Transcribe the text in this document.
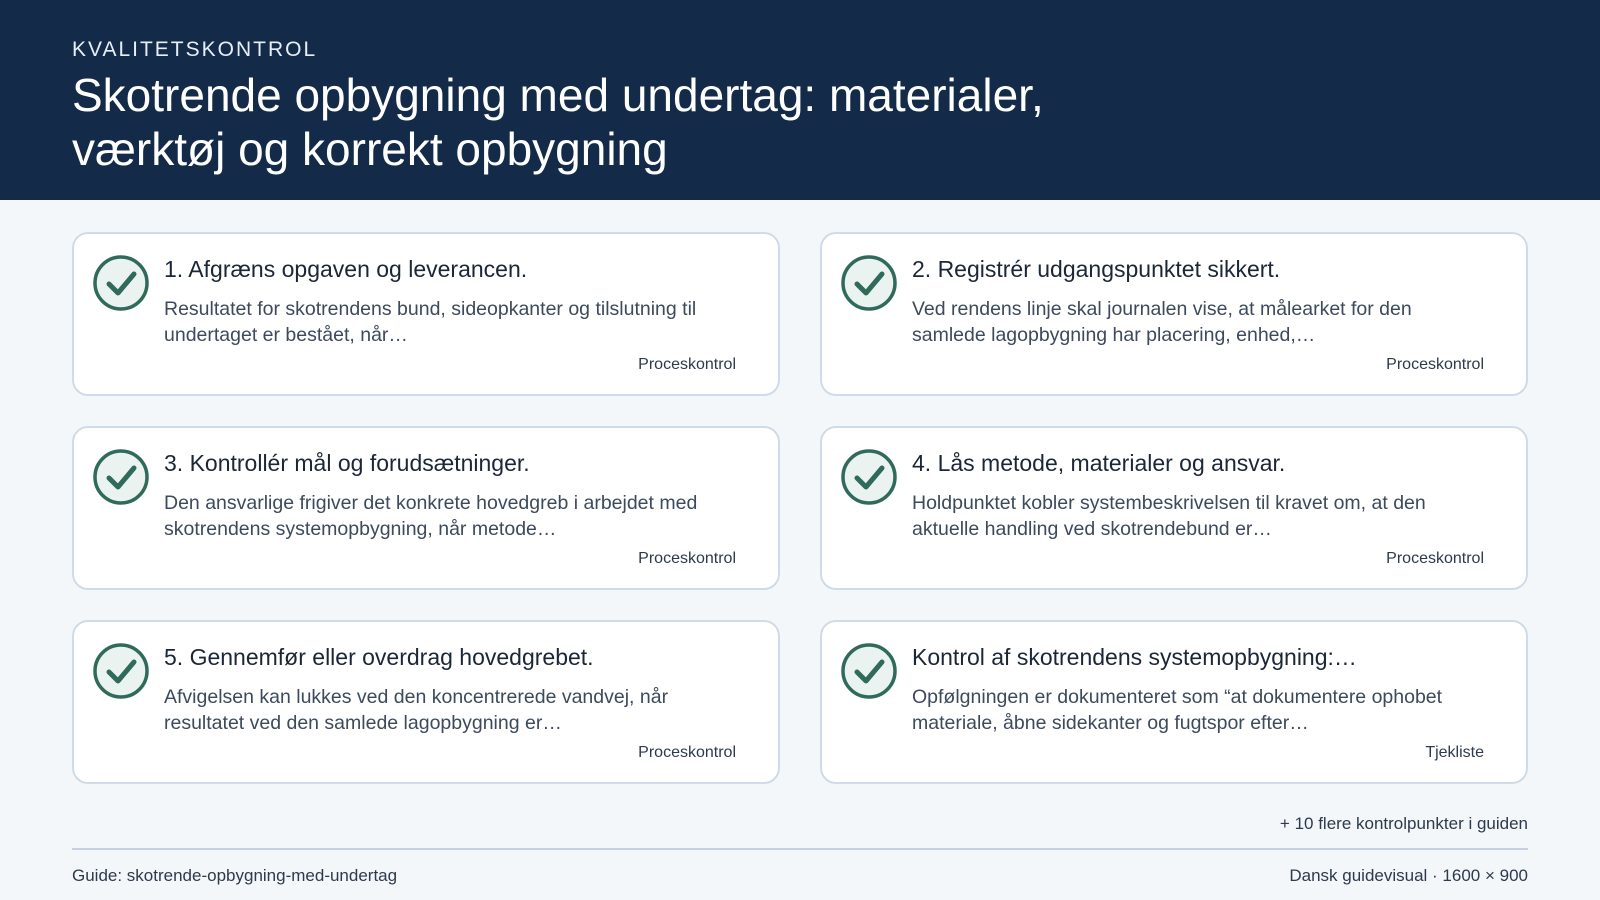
KVALITETSKONTROL
Skotrende opbygning med undertag: materialer, værktøj og korrekt opbygning
1. Afgræns opgaven og leverancen.
Resultatet for skotrendens bund, sideopkanter og tilslutning til undertaget er bestået, når…
Proceskontrol
2. Registrér udgangspunktet sikkert.
Ved rendens linje skal journalen vise, at målearket for den samlede lagopbygning har placering, enhed,…
Proceskontrol
3. Kontrollér mål og forudsætninger.
Den ansvarlige frigiver det konkrete hovedgreb i arbejdet med skotrendens systemopbygning, når metode…
Proceskontrol
4. Lås metode, materialer og ansvar.
Holdpunktet kobler systembeskrivelsen til kravet om, at den aktuelle handling ved skotrendebund er…
Proceskontrol
5. Gennemfør eller overdrag hovedgrebet.
Afvigelsen kan lukkes ved den koncentrerede vandvej, når resultatet ved den samlede lagopbygning er…
Proceskontrol
Kontrol af skotrendens systemopbygning:…
Opfølgningen er dokumenteret som “at dokumentere ophobet materiale, åbne sidekanter og fugtspor efter…
Tjekliste
+ 10 flere kontrolpunkter i guiden
Guide: skotrende-opbygning-med-undertag	Dansk guidevisual · 1600 × 900
